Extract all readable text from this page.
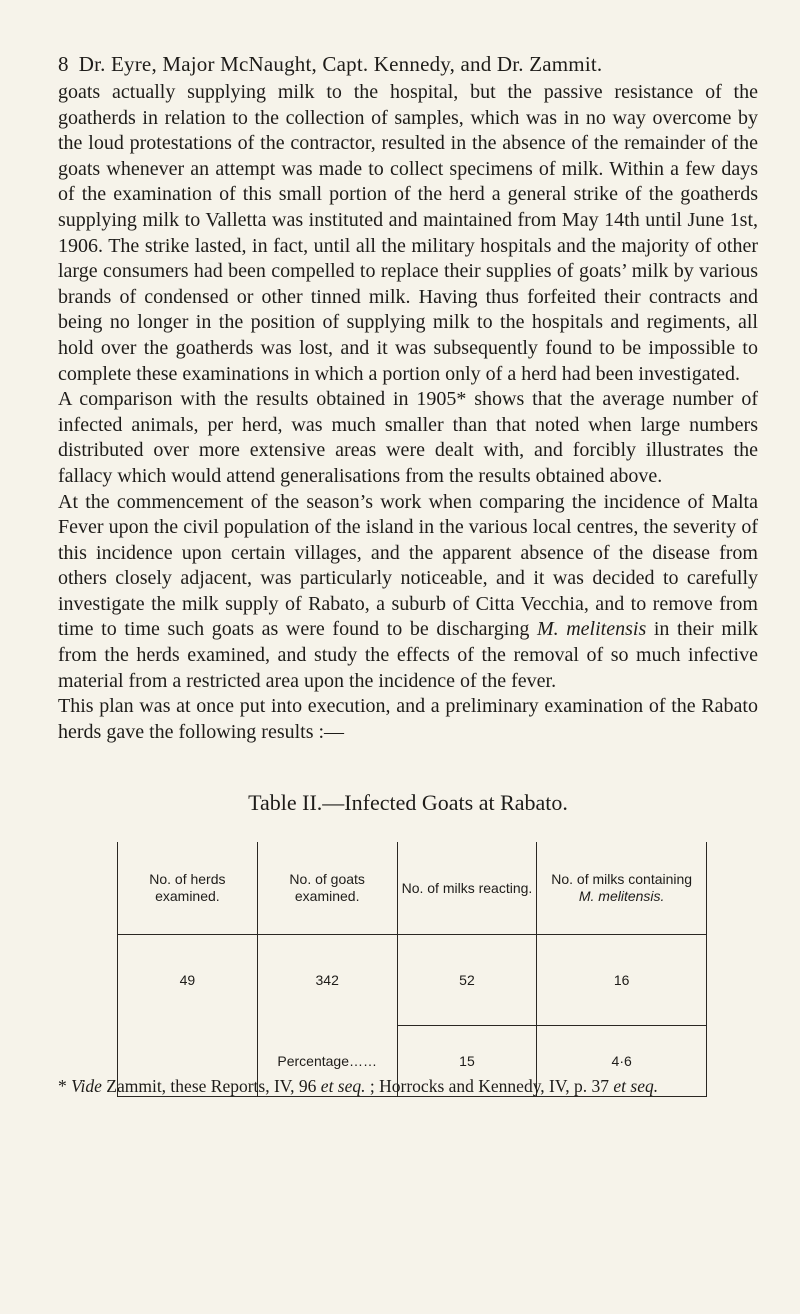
8 Dr. Eyre, Major McNaught, Capt. Kennedy, and Dr. Zammit.

goats actually supplying milk to the hospital, but the passive resistance of the goatherds in relation to the collection of samples, which was in no way overcome by the loud protestations of the contractor, resulted in the absence of the remainder of the goats whenever an attempt was made to collect specimens of milk. Within a few days of the examination of this small portion of the herd a general strike of the goatherds supplying milk to Valletta was instituted and maintained from May 14th until June 1st, 1906. The strike lasted, in fact, until all the military hospitals and the majority of other large consumers had been compelled to replace their supplies of goats’ milk by various brands of condensed or other tinned milk. Having thus forfeited their contracts and being no longer in the position of supplying milk to the hospitals and regiments, all hold over the goatherds was lost, and it was subsequently found to be impossible to complete these examinations in which a portion only of a herd had been investigated.

A comparison with the results obtained in 1905* shows that the average number of infected animals, per herd, was much smaller than that noted when large numbers distributed over more extensive areas were dealt with, and forcibly illustrates the fallacy which would attend generalisations from the results obtained above.

At the commencement of the season’s work when comparing the incidence of Malta Fever upon the civil population of the island in the various local centres, the severity of this incidence upon certain villages, and the apparent absence of the disease from others closely adjacent, was particularly noticeable, and it was decided to carefully investigate the milk supply of Rabato, a suburb of Citta Vecchia, and to remove from time to time such goats as were found to be discharging M. melitensis in their milk from the herds examined, and study the effects of the removal of so much infective material from a restricted area upon the incidence of the fever.

This plan was at once put into execution, and a preliminary examination of the Rabato herds gave the following results :—

Table II.—Infected Goats at Rabato.
No. of herds examined.	No. of goats examined.	No. of milks reacting.	No. of milks containing
M. melitensis.
49	342	52	16
	Percentage……	15	4·6
* Vide Zammit, these Reports, IV, 96 et seq. ; Horrocks and Kennedy, IV, p. 37 et seq.
